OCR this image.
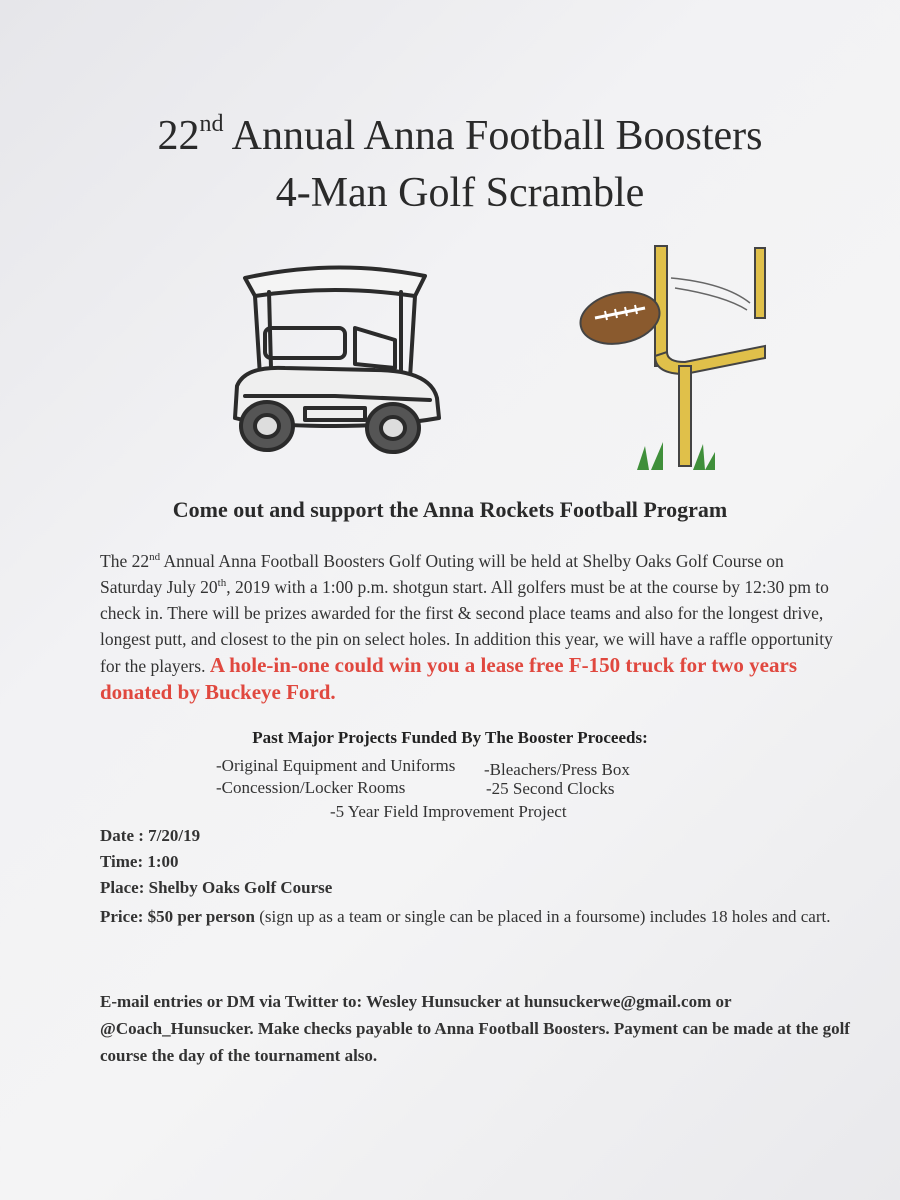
22nd Annual Anna Football Boosters
4-Man Golf Scramble
Come out and support the Anna Rockets Football Program
The 22nd Annual Anna Football Boosters Golf Outing will be held at Shelby Oaks Golf Course on Saturday July 20th, 2019 with a 1:00 p.m. shotgun start. All golfers must be at the course by 12:30 pm to check in. There will be prizes awarded for the first & second place teams and also for the longest drive, longest putt, and closest to the pin on select holes. In addition this year, we will have a raffle opportunity for the players. A hole-in-one could win you a lease free F-150 truck for two years donated by Buckeye Ford.
Past Major Projects Funded By The Booster Proceeds:
-Original Equipment and Uniforms -Bleachers/Press Box
-Concession/Locker Rooms	-25 Second Clocks
-5 Year Field Improvement Project
Date : 7/20/19
Time: 1:00
Place: Shelby Oaks Golf Course
Price: $50 per person (sign up as a team or single can be placed in a foursome) includes 18 holes and cart.
E-mail entries or DM via Twitter to: Wesley Hunsucker at hunsuckerwe@gmail.com or @Coach_Hunsucker. Make checks payable to Anna Football Boosters. Payment can be made at the golf course the day of the tournament also.
